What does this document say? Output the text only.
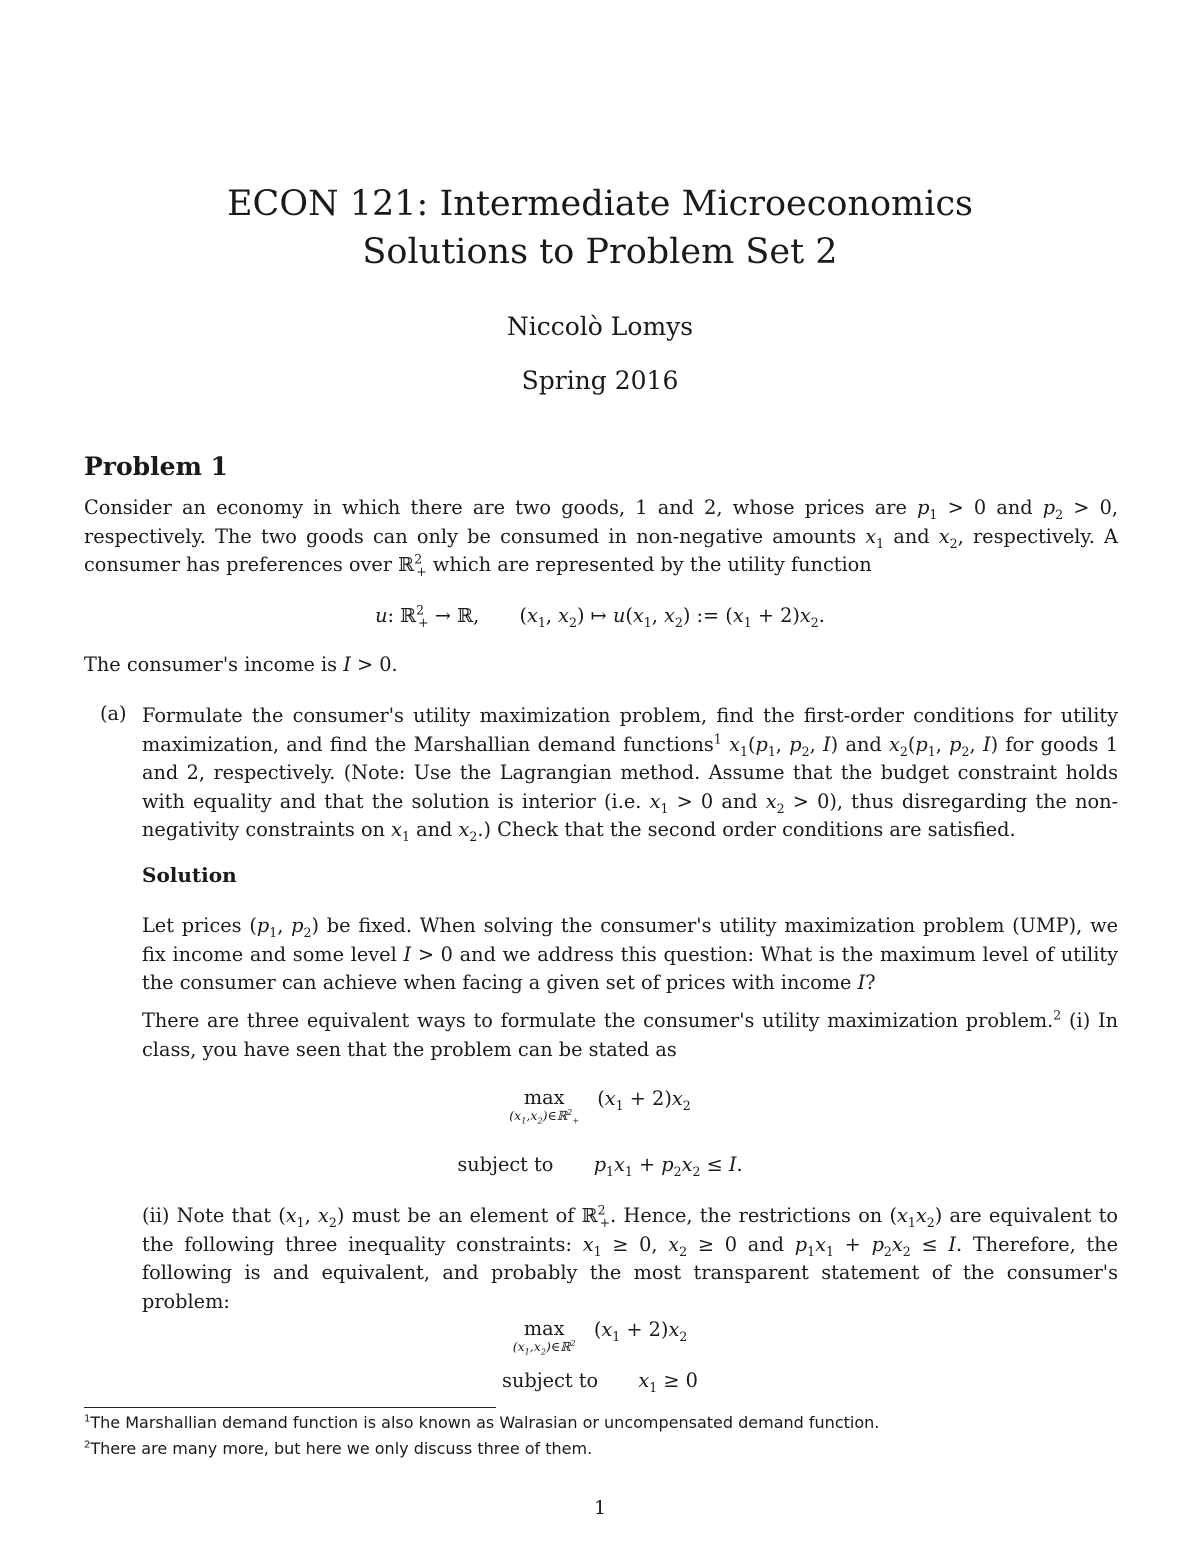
ECON 121: Intermediate Microeconomics
Solutions to Problem Set 2
Niccolò Lomys
Spring 2016
Problem 1
Consider an economy in which there are two goods, 1 and 2, whose prices are $p_1 > 0$ and $p_2 > 0$, respectively. The two goods can only be consumed in non-negative amounts $x_1$ and $x_2$, respectively. A consumer has preferences over ℝ$^2_+$ which are represented by the utility function
u: ℝ$^2_+$ → ℝ,  ($x_1$, $x_2$) ↦ $u(x_1$, $x_2$) := $(x_1 + 2)x_2$.
The consumer's income is I > 0.
(a) Formulate the consumer's utility maximization problem, find the first-order conditions for utility maximization, and find the Marshallian demand functions$^1$ $x_1(p_1$, $p_2$, I) and $x_2(p_1$, $p_2$, I) for goods 1 and 2, respectively. (Note: Use the Lagrangian method. Assume that the budget constraint holds with equality and that the solution is interior (i.e. $x_1 > 0$ and $x_2 > 0$), thus disregarding the non-negativity constraints on $x_1$ and $x_2$.) Check that the second order conditions are satisfied.
Solution
Let prices ($p_1$, $p_2$) be fixed. When solving the consumer's utility maximization problem (UMP), we fix income and some level I > 0 and we address this question: What is the maximum level of utility the consumer can achieve when facing a given set of prices with income I?
There are three equivalent ways to formulate the consumer's utility maximization problem.$^2$ (i) In class, you have seen that the problem can be stated as
max
$(x_1,x_2)\in ℝ^2_+$
$(x_1 + 2)x_2$
subject to $p_1x_1 + p_2x_2 \le I$.
(ii) Note that ($x_1$, $x_2$) must be an element of ℝ$^2_+$. Hence, the restrictions on $(x_1x_2)$ are equivalent to the following three inequality constraints: $x_1 \ge 0$, $x_2 \ge 0$ and $p_1x_1 + p_2x_2 \le I$. Therefore, the following is and equivalent, and probably the most transparent statement of the consumer's problem:
max
$(x_1,x_2)\in ℝ^2$
$(x_1 + 2)x_2$
subject to $x_1 \ge 0$
$^1$The Marshallian demand function is also known as Walrasian or uncompensated demand function.
$^2$There are many more, but here we only discuss three of them.
1
